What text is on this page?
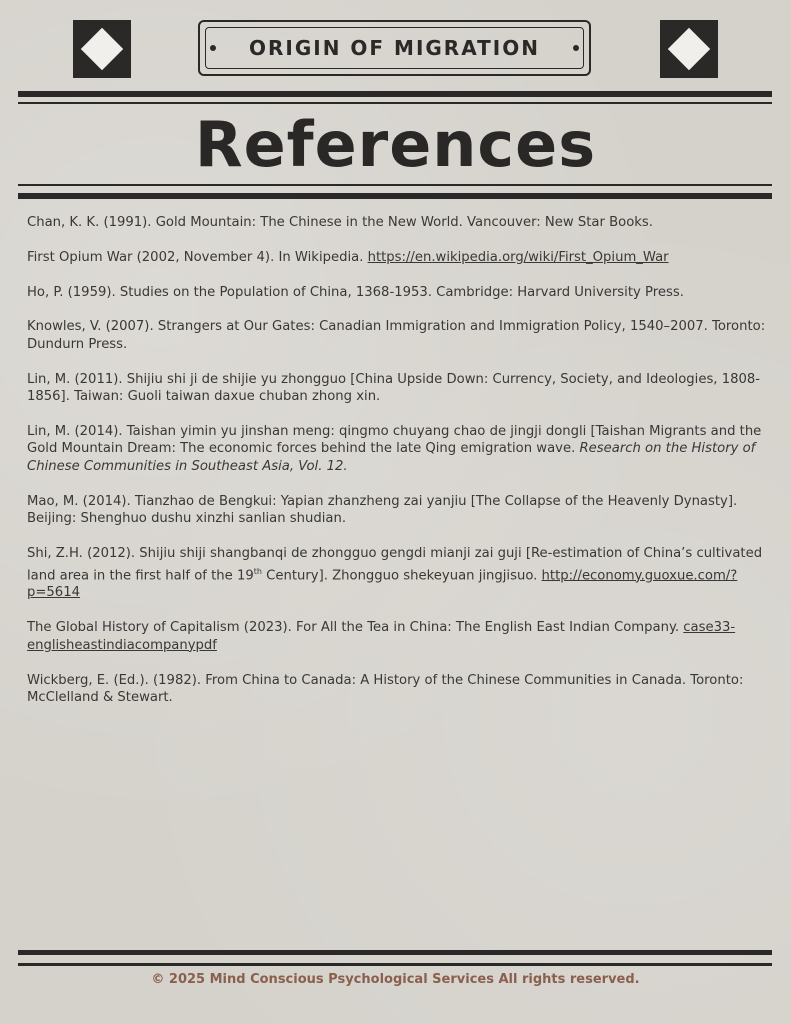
ORIGIN OF MIGRATION
References

Chan, K. K. (1991). Gold Mountain: The Chinese in the New World. Vancouver: New Star Books.

First Opium War (2002, November 4). In Wikipedia. https://en.wikipedia.org/wiki/First_Opium_War

Ho, P. (1959). Studies on the Population of China, 1368-1953. Cambridge: Harvard University Press.

Knowles, V. (2007). Strangers at Our Gates: Canadian Immigration and Immigration Policy, 1540–2007. Toronto: Dundurn Press.

Lin, M. (2011). Shijiu shi ji de shijie yu zhongguo [China Upside Down: Currency, Society, and Ideologies, 1808-1856]. Taiwan: Guoli taiwan daxue chuban zhong xin.

Lin, M. (2014). Taishan yimin yu jinshan meng: qingmo chuyang chao de jingji dongli [Taishan Migrants and the Gold Mountain Dream: The economic forces behind the late Qing emigration wave. Research on the History of Chinese Communities in Southeast Asia, Vol. 12.

Mao, M. (2014). Tianzhao de Bengkui: Yapian zhanzheng zai yanjiu [The Collapse of the Heavenly Dynasty]. Beijing: Shenghuo dushu xinzhi sanlian shudian.

Shi, Z.H. (2012). Shijiu shiji shangbanqi de zhongguo gengdi mianji zai guji [Re-estimation of China’s cultivated land area in the first half of the 19th Century]. Zhongguo shekeyuan jingjisuo. http://economy.guoxue.com/?p=5614

The Global History of Capitalism (2023). For All the Tea in China: The English East Indian Company. case33-englisheastindiacompanypdf

Wickberg, E. (Ed.). (1982). From China to Canada: A History of the Chinese Communities in Canada. Toronto: McClelland & Stewart.

© 2025 Mind Conscious Psychological Services All rights reserved.
